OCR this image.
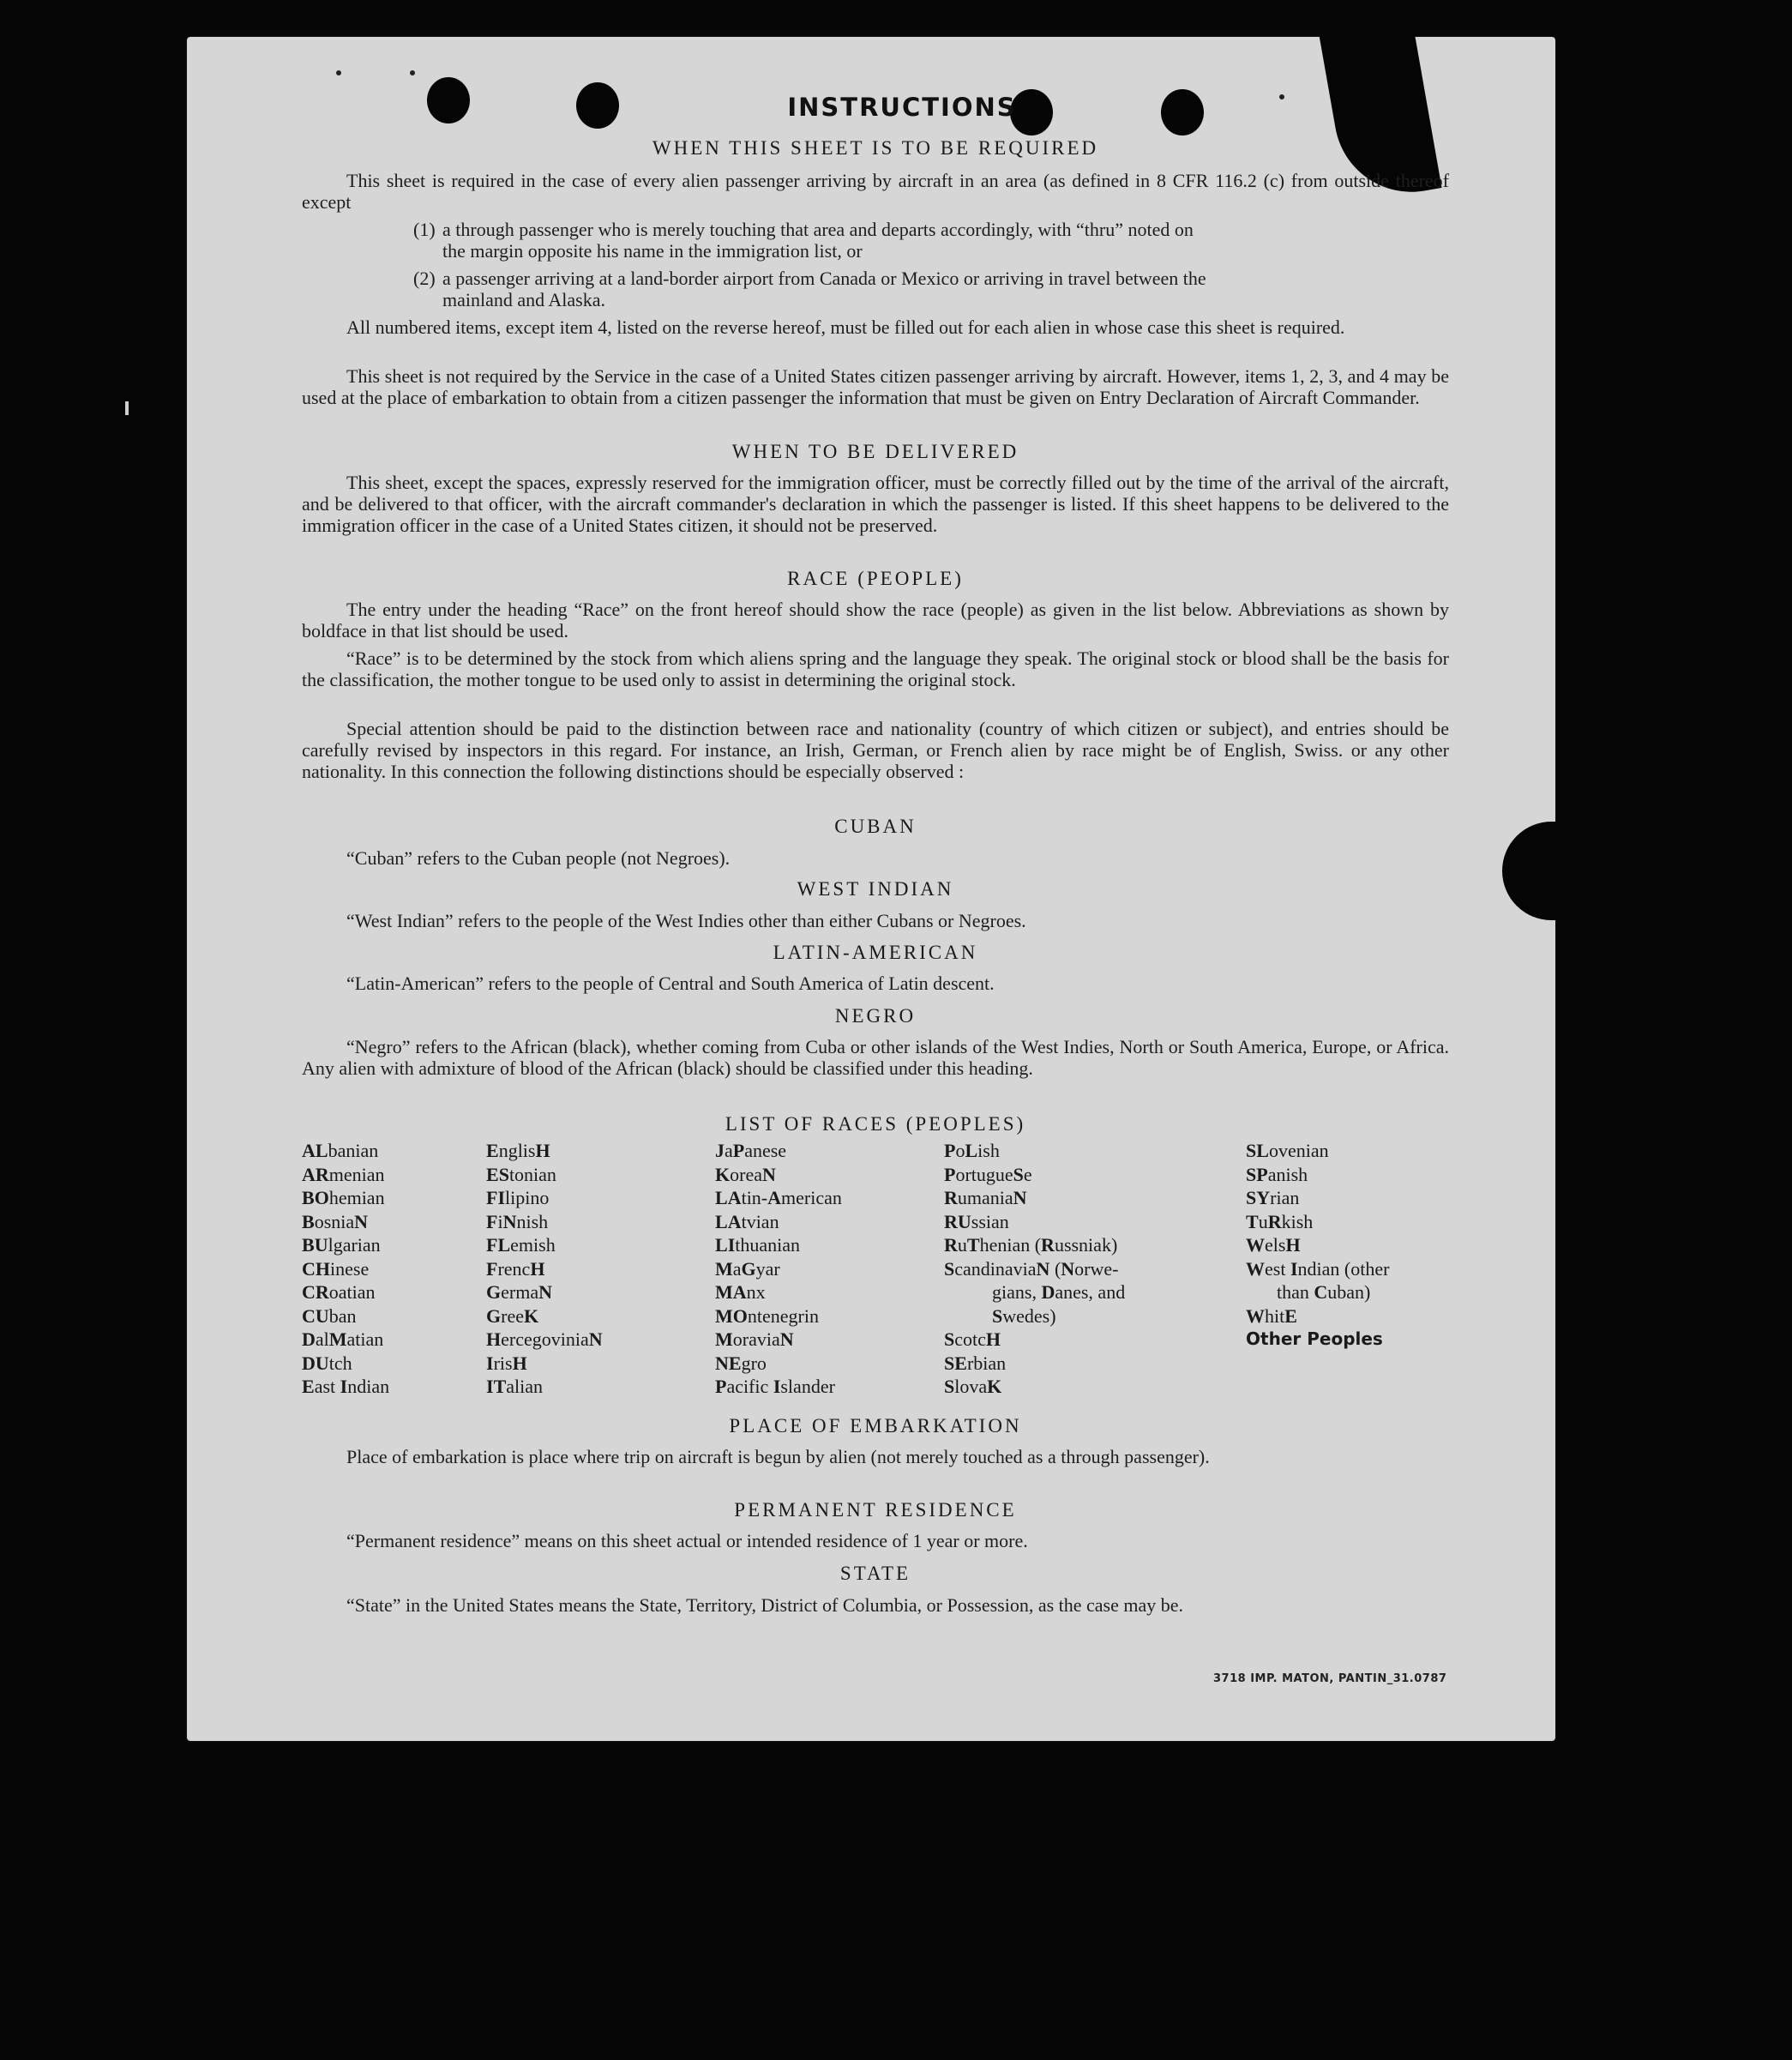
INSTRUCTIONS
WHEN THIS SHEET IS TO BE REQUIRED
This sheet is required in the case of every alien passenger arriving by aircraft in an area (as defined in 8 CFR 116.2 (c) from outside thereof except
(1) a through passenger who is merely touching that area and departs accordingly, with “thru” noted on
the margin opposite his name in the immigration list, or
(2) a passenger arriving at a land-border airport from Canada or Mexico or arriving in travel between the
mainland and Alaska.
All numbered items, except item 4, listed on the reverse hereof, must be filled out for each alien in whose case this sheet is required.
This sheet is not required by the Service in the case of a United States citizen passenger arriving by aircraft. However, items 1, 2, 3, and 4 may be used at the place of embarkation to obtain from a citizen passenger the information that must be given on Entry Declaration of Aircraft Commander.
WHEN TO BE DELIVERED
This sheet, except the spaces, expressly reserved for the immigration officer, must be correctly filled out by the time of the arrival of the aircraft, and be delivered to that officer, with the aircraft commander's declaration in which the passenger is listed. If this sheet happens to be delivered to the immigration officer in the case of a United States citizen, it should not be preserved.
RACE (PEOPLE)
The entry under the heading “Race” on the front hereof should show the race (people) as given in the list below. Abbreviations as shown by boldface in that list should be used.
“Race” is to be determined by the stock from which aliens spring and the language they speak. The original stock or blood shall be the basis for the classification, the mother tongue to be used only to assist in determining the original stock.
Special attention should be paid to the distinction between race and nationality (country of which citizen or subject), and entries should be carefully revised by inspectors in this regard. For instance, an Irish, German, or French alien by race might be of English, Swiss. or any other nationality. In this connection the following distinctions should be especially observed :
CUBAN
“Cuban” refers to the Cuban people (not Negroes).
WEST INDIAN
“West Indian” refers to the people of the West Indies other than either Cubans or Negroes.
LATIN-AMERICAN
“Latin-American” refers to the people of Central and South America of Latin descent.
NEGRO
“Negro” refers to the African (black), whether coming from Cuba or other islands of the West Indies, North or South America, Europe, or Africa. Any alien with admixture of blood of the African (black) should be classified under this heading.
LIST OF RACES (PEOPLES)
ALbanian
ARmenian
BOhemian
BosniaN
BUlgarian
CHinese
CRoatian
CUban
DalMatian
DUtch
East Indian
EnglisH
EStonian
FIlipino
FiNnish
FLemish
FrencH
GermaN
GreeK
HercegoviniaN
IrisH
ITalian
JaPanese
KoreaN
LAtin-American
LAtvian
LIthuanian
MaGyar
MAnx
MOntenegrin
MoraviaN
NEgro
Pacific Islander
PoLish
PortugueSe
RumaniaN
RUssian
RuThenian (Russniak)
ScandinaviaN (Norwe-
gians, Danes, and
Swedes)
ScotcH
SErbian
SlovaK
SLovenian
SPanish
SYrian
TuRkish
WelsH
West Indian (other
than Cuban)
WhitE
Other Peoples
PLACE OF EMBARKATION
Place of embarkation is place where trip on aircraft is begun by alien (not merely touched as a through passenger).
PERMANENT RESIDENCE
“Permanent residence” means on this sheet actual or intended residence of 1 year or more.
STATE
“State” in the United States means the State, Territory, District of Columbia, or Possession, as the case may be.
3718 IMP. MATON, PANTIN_31.0787
